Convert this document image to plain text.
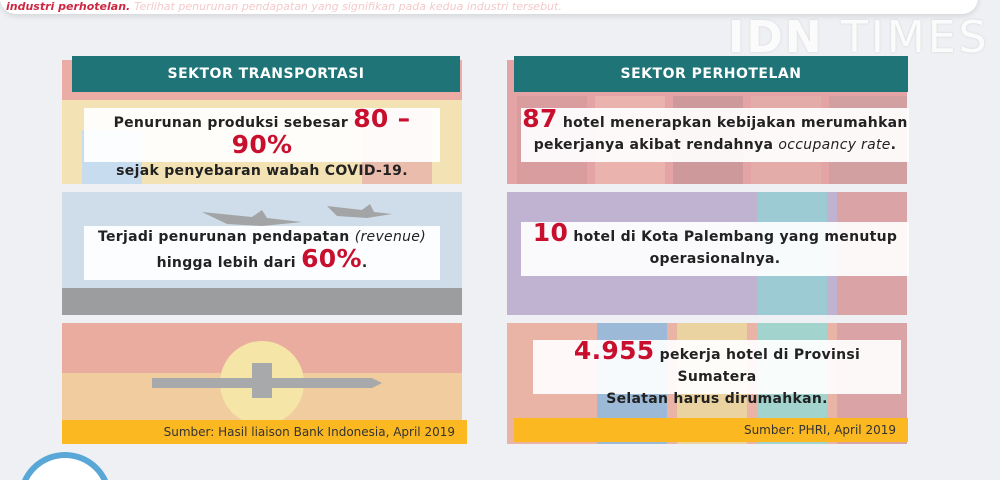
industri perhotelan. Terlihat penurunan pendapatan yang signifikan pada kedua industri tersebut.
IDN TIMES
SEKTOR TRANSPORTASI
Penurunan produksi sebesar 80 – 90%
sejak penyebaran wabah COVID-19.
Terjadi penurunan pendapatan (revenue)
hingga lebih dari 60%.
Sumber: Hasil liaison Bank Indonesia, April 2019
SEKTOR PERHOTELAN
87 hotel menerapkan kebijakan merumahkan
pekerjanya akibat rendahnya occupancy rate.
10 hotel di Kota Palembang yang menutup
operasionalnya.
4.955 pekerja hotel di Provinsi Sumatera
Selatan harus dirumahkan.
Sumber: PHRI, April 2019
